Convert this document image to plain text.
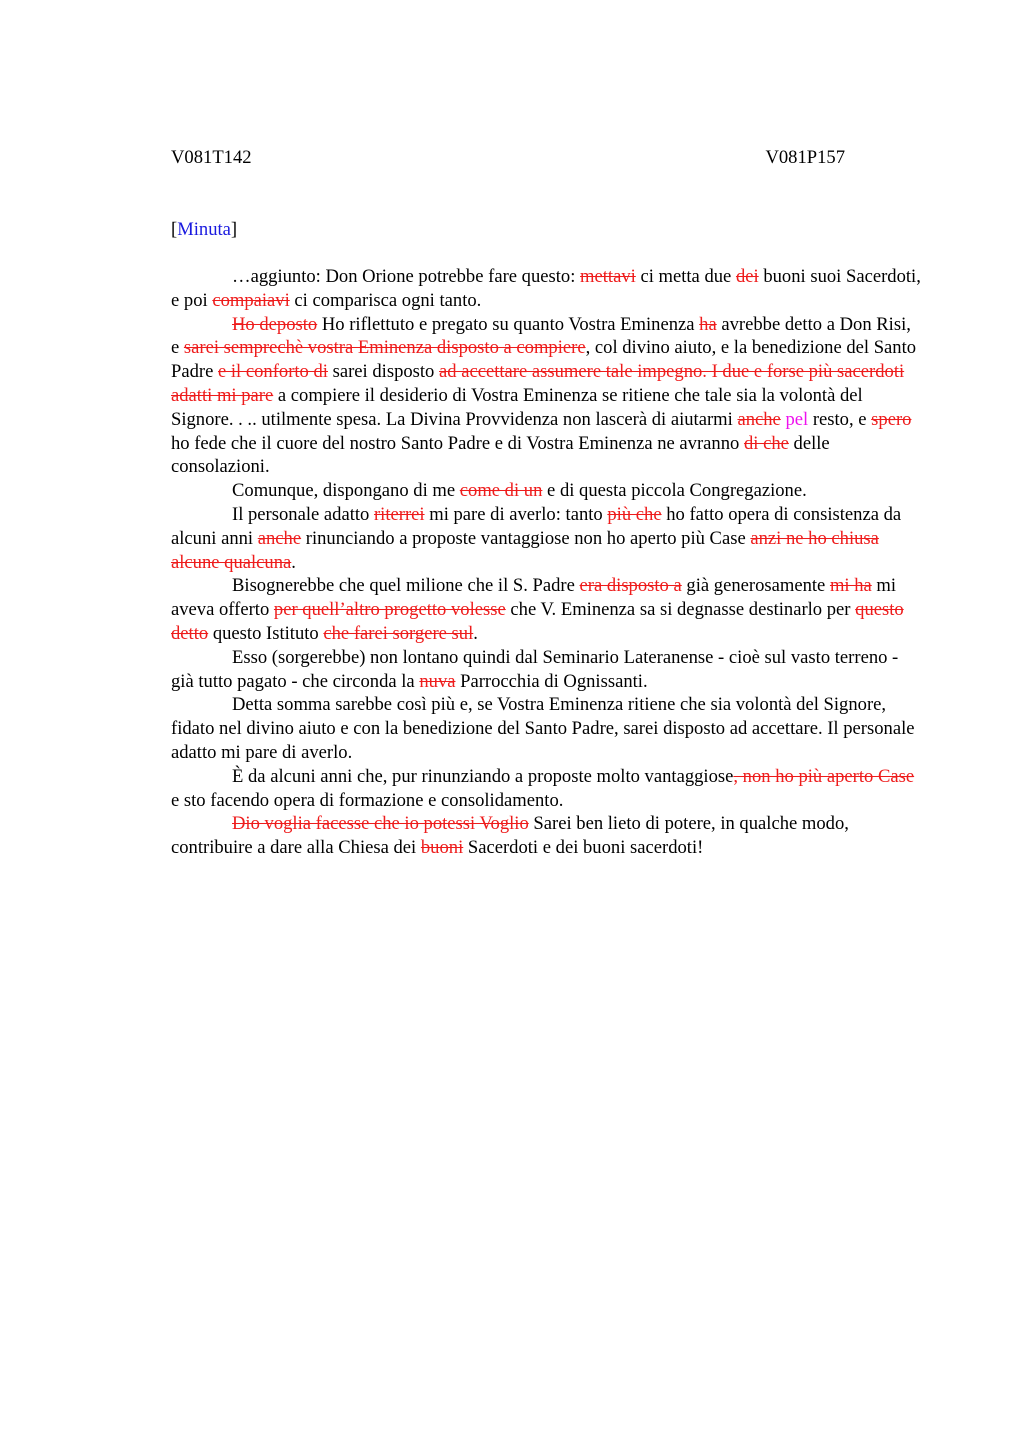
V081T142	V081P157
[Minuta]

…aggiunto: Don Orione potrebbe fare questo: mettavi ci metta due dei buoni suoi Sacerdoti, e poi compaiavi ci comparisca ogni tanto.

Ho deposto Ho riflettuto e pregato su quanto Vostra Eminenza ha avrebbe detto a Don Risi, e sarei semprechè vostra Eminenza disposto a compiere, col divino aiuto, e la benedizione del Santo Padre e il conforto di sarei disposto ad accettare assumere tale impegno. I due e forse più sacerdoti adatti mi pare a compiere il desiderio di Vostra Eminenza se ritiene che tale sia la volontà del Signore. . .. utilmente spesa. La Divina Provvidenza non lascerà di aiutarmi anche pel resto, e spero ho fede che il cuore del nostro Santo Padre e di Vostra Eminenza ne avranno di che delle consolazioni.

Comunque, dispongano di me come di un e di questa piccola Congregazione.

Il personale adatto riterrei mi pare di averlo: tanto più che ho fatto opera di consistenza da alcuni anni anche rinunciando a proposte vantaggiose non ho aperto più Case anzi ne ho chiusa alcune qualcuna.

Bisognerebbe che quel milione che il S. Padre era disposto a già generosamente mi ha mi aveva offerto per quell’altro progetto volesse che V. Eminenza sa si degnasse destinarlo per questo detto questo Istituto che farei sorgere sul.

Esso (sorgerebbe) non lontano quindi dal Seminario Lateranense - cioè sul vasto terreno - già tutto pagato - che circonda la nuva Parrocchia di Ognissanti.

Detta somma sarebbe così più e, se Vostra Eminenza ritiene che sia volontà del Signore, fidato nel divino aiuto e con la benedizione del Santo Padre, sarei disposto ad accettare. Il personale adatto mi pare di averlo.

È da alcuni anni che, pur rinunziando a proposte molto vantaggiose, non ho più aperto Case e sto facendo opera di formazione e consolidamento.

Dio voglia facesse che io potessi Voglio Sarei ben lieto di potere, in qualche modo, contribuire a dare alla Chiesa dei buoni Sacerdoti e dei buoni sacerdoti!
